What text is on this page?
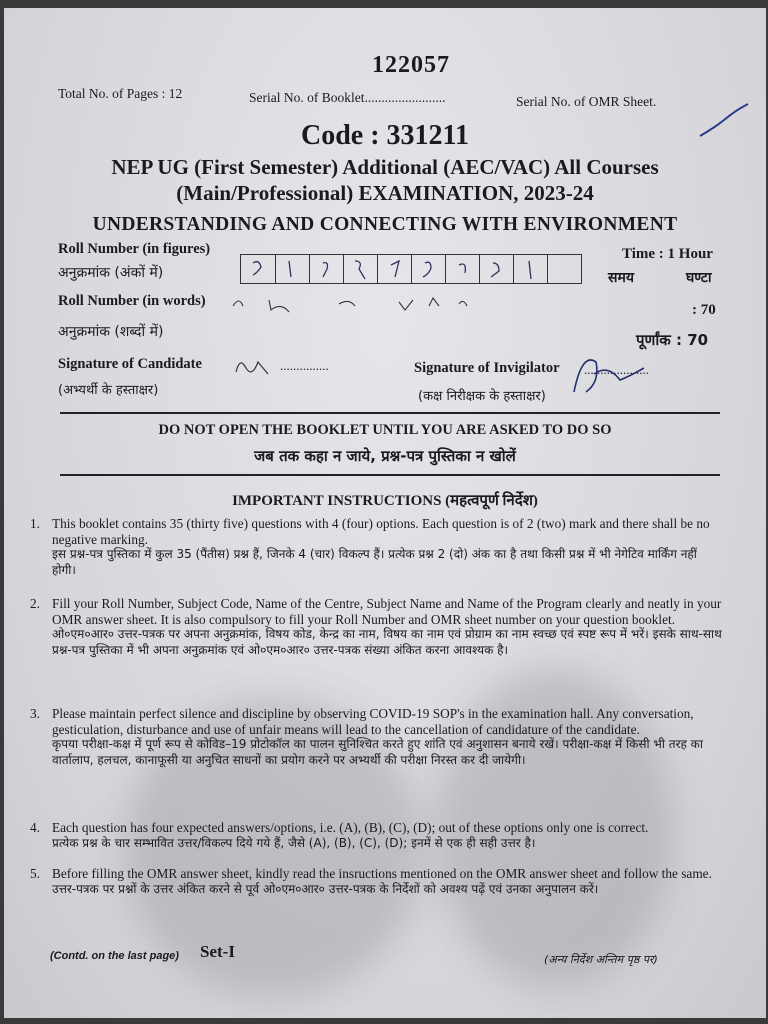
122057
Total No. of Pages : 12	Serial No. of Booklet........................	Serial No. of OMR Sheet.
Code : 331211
NEP UG (First Semester) Additional (AEC/VAC) All Courses
(Main/Professional) EXAMINATION, 2023-24
UNDERSTANDING AND CONNECTING WITH ENVIRONMENT
Roll Number (in figures)
अनुक्रमांक (अंकों में)
Roll Number (in words)
अनुक्रमांक (शब्दों में)
Time : 1 Hour
समय	घण्टा
: 70
पूर्णांक : 70
Signature of Candidate	...............
(अभ्यर्थी के हस्ताक्षर)
Signature of Invigilator ....................
(कक्ष निरीक्षक के हस्ताक्षर)
DO NOT OPEN THE BOOKLET UNTIL YOU ARE ASKED TO DO SO
जब तक कहा न जाये, प्रश्न-पत्र पुस्तिका न खोलें
IMPORTANT INSTRUCTIONS (महत्वपूर्ण निर्देश)
1. This booklet contains 35 (thirty five) questions with 4 (four) options. Each question is of 2 (two) mark and there shall be no negative marking.
इस प्रश्न-पत्र पुस्तिका में कुल 35 (पैंतीस) प्रश्न हैं, जिनके 4 (चार) विकल्प हैं। प्रत्येक प्रश्न 2 (दो) अंक का है तथा किसी प्रश्न में भी नेगेटिव मार्किंग नहीं होगी।
2. Fill your Roll Number, Subject Code, Name of the Centre, Subject Name and Name of the Program clearly and neatly in your OMR answer sheet. It is also compulsory to fill your Roll Number and OMR sheet number on your question booklet.
ओ०एम०आर० उत्तर-पत्रक पर अपना अनुक्रमांक, विषय कोड, केन्द्र का नाम, विषय का नाम एवं प्रोग्राम का नाम स्वच्छ एवं स्पष्ट रूप में भरें। इसके साथ-साथ प्रश्न-पत्र पुस्तिका में भी अपना अनुक्रमांक एवं ओ०एम०आर० उत्तर-पत्रक संख्या अंकित करना आवश्यक है।
3. Please maintain perfect silence and discipline by observing COVID-19 SOP's in the examination hall. Any conversation, gesticulation, disturbance and use of unfair means will lead to the cancellation of candidature of the candidate.
कृपया परीक्षा-कक्ष में पूर्ण रूप से कोविड–19 प्रोटोकॉल का पालन सुनिश्चित करते हुए शांति एवं अनुशासन बनाये रखें। परीक्षा-कक्ष में किसी भी तरह का वार्तालाप, हलचल, कानाफूसी या अनुचित साधनों का प्रयोग करने पर अभ्यर्थी की परीक्षा निरस्त कर दी जायेगी।
4. Each question has four expected answers/options, i.e. (A), (B), (C), (D); out of these options only one is correct.
प्रत्येक प्रश्न के चार सम्भावित उत्तर/विकल्प दिये गये हैं, जैसे (A), (B), (C), (D); इनमें से एक ही सही उत्तर है।
5. Before filling the OMR answer sheet, kindly read the insructions mentioned on the OMR answer sheet and follow the same.
उत्तर-पत्रक पर प्रश्नों के उत्तर अंकित करने से पूर्व ओ०एम०आर० उत्तर-पत्रक के निर्देशों को अवश्य पढ़ें एवं उनका अनुपालन करें।
(Contd. on the last page) Set-I	(अन्य निर्देश अन्तिम पृष्ठ पर)
